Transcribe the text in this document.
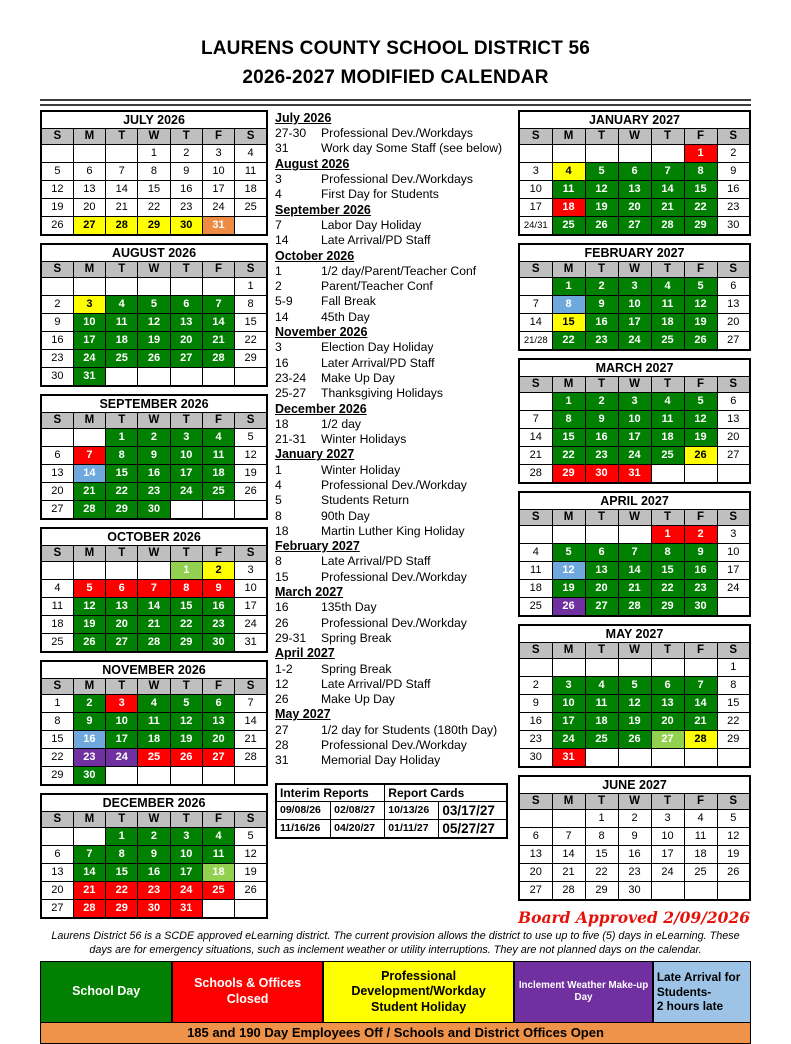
LAURENS COUNTY SCHOOL DISTRICT 56
2026-2027 MODIFIED CALENDAR
JULY 2026						
S	M	T	W	T	F	S
			1	2	3	4
5	6	7	8	9	10	11
12	13	14	15	16	17	18
19	20	21	22	23	24	25
26	27	28	29	30	31	
AUGUST 2026						
S	M	T	W	T	F	S
						1
2	3	4	5	6	7	8
9	10	11	12	13	14	15
16	17	18	19	20	21	22
23	24	25	26	27	28	29
30	31					
SEPTEMBER 2026						
S	M	T	W	T	F	S
		1	2	3	4	5
6	7	8	9	10	11	12
13	14	15	16	17	18	19
20	21	22	23	24	25	26
27	28	29	30			
OCTOBER 2026						
S	M	T	W	T	F	S
				1	2	3
4	5	6	7	8	9	10
11	12	13	14	15	16	17
18	19	20	21	22	23	24
25	26	27	28	29	30	31
NOVEMBER 2026						
S	M	T	W	T	F	S
1	2	3	4	5	6	7
8	9	10	11	12	13	14
15	16	17	18	19	20	21
22	23	24	25	26	27	28
29	30					
DECEMBER 2026						
S	M	T	W	T	F	S
		1	2	3	4	5
6	7	8	9	10	11	12
13	14	15	16	17	18	19
20	21	22	23	24	25	26
27	28	29	30	31		
July 2026
27-30	Professional Dev./Workdays
31	Work day Some Staff (see below)
August 2026
3	Professional Dev./Workdays
4	First Day for Students
September 2026
7	Labor Day Holiday
14	Late Arrival/PD Staff
October 2026
1	1/2 day/Parent/Teacher Conf
2	Parent/Teacher Conf
5-9	Fall Break
14	45th Day
November 2026
3	Election Day Holiday
16	Later Arrival/PD Staff
23-24	Make Up Day
25-27	Thanksgiving Holidays
December 2026
18	1/2 day
21-31	Winter Holidays
January 2027
1	Winter Holiday
4	Professional Dev./Workday
5	Students Return
8	90th Day
18	Martin Luther King Holiday
February 2027
8	Late Arrival/PD Staff
15	Professional Dev./Workday
March 2027
16	135th Day
26	Professional Dev./Workday
29-31	Spring Break
April 2027
1-2	Spring Break
12	Late Arrival/PD Staff
26	Make Up Day
May 2027
27	1/2 day for Students (180th Day)
28	Professional Dev./Workday
31	Memorial Day Holiday
Interim Reports		Report Cards	
09/08/26	02/08/27	10/13/26	03/17/27
11/16/26	04/20/27	01/11/27	05/27/27
JANUARY 2027						
S	M	T	W	T	F	S
					1	2
3	4	5	6	7	8	9
10	11	12	13	14	15	16
17	18	19	20	21	22	23
24/31	25	26	27	28	29	30
FEBRUARY 2027						
S	M	T	W	T	F	S
	1	2	3	4	5	6
7	8	9	10	11	12	13
14	15	16	17	18	19	20
21/28	22	23	24	25	26	27
MARCH 2027						
S	M	T	W	T	F	S
	1	2	3	4	5	6
7	8	9	10	11	12	13
14	15	16	17	18	19	20
21	22	23	24	25	26	27
28	29	30	31			
APRIL 2027						
S	M	T	W	T	F	S
				1	2	3
4	5	6	7	8	9	10
11	12	13	14	15	16	17
18	19	20	21	22	23	24
25	26	27	28	29	30	
MAY 2027						
S	M	T	W	T	F	S
						1
2	3	4	5	6	7	8
9	10	11	12	13	14	15
16	17	18	19	20	21	22
23	24	25	26	27	28	29
30	31					
JUNE 2027						
S	M	T	W	T	F	S
		1	2	3	4	5
6	7	8	9	10	11	12
13	14	15	16	17	18	19
20	21	22	23	24	25	26
27	28	29	30			
Board Approved 2/09/2026
Laurens District 56 is a SCDE approved eLearning district. The current provision allows the district to use up to five (5) days in eLearning. These days are for emergency situations, such as inclement weather or utility interruptions. They are not planned days on the calendar.
School Day
Schools & Offices
Closed
Professional
Development/Workday
Student Holiday
Inclement Weather Make-up
Day
Late Arrival for
Students-
2 hours late
185 and 190 Day Employees Off / Schools and District Offices Open
